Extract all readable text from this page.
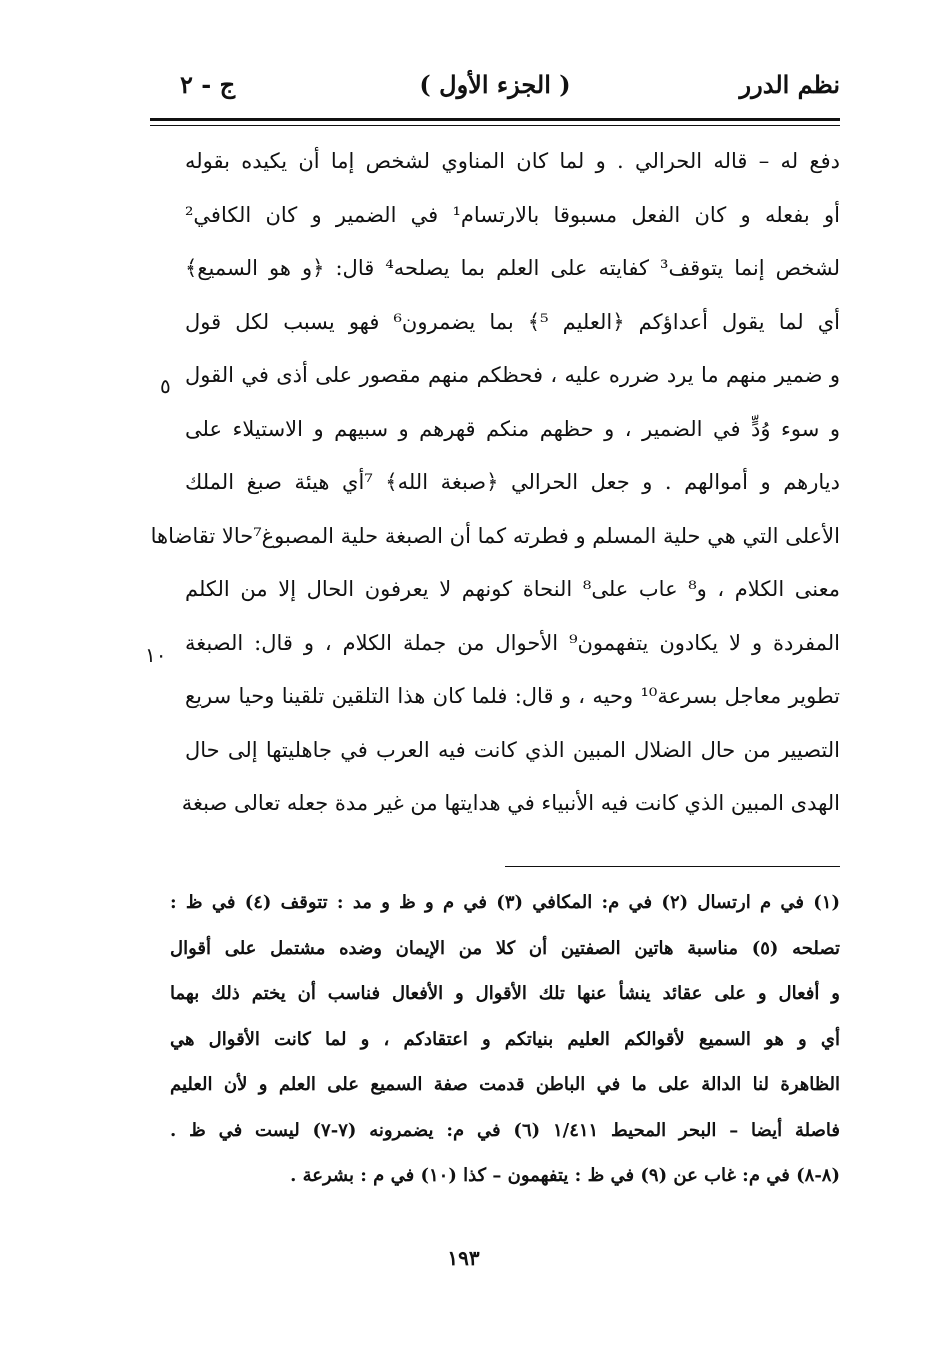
نظم الدرر
( الجزء الأول )
ج - ٢
دفع له – قاله الحرالي . و لما كان المناوي لشخص إما أن يكيده بقوله
أو بفعله و كان الفعل مسبوقا بالارتسام¹ في الضمير و كان الكافي²
لشخص إنما يتوقف³ كفايته على العلم بما يصلحه⁴ قال: ﴿و هو السميع﴾
أي لما يقول أعداؤكم ﴿العليم ⁵﴾ بما يضمرون⁶ فهو يسبب لكل قول
و ضمير منهم ما يرد ضرره عليه ، فحظكم منهم مقصور على أذى في القول
و سوء وُدٍّ في الضمير ، و حظهم منكم قهرهم و سبيهم و الاستيلاء على
ديارهم و أموالهم . و جعل الحرالي ﴿صبغة الله﴾ ⁷أي هيئة صبغ الملك
الأعلى التي هي حلية المسلم و فطرته كما أن الصبغة حلية المصبوغ⁷حالا تقاضاها
معنى الكلام ، و⁸ عاب على⁸ النحاة كونهم لا يعرفون الحال إلا من الكلم
المفردة و لا يكادون يتفهمون⁹ الأحوال من جملة الكلام ، و قال: الصبغة
تطوير معاجل بسرعة¹⁰ وحيه ، و قال: فلما كان هذا التلقين تلقينا وحيا سريع
التصيير من حال الضلال المبين الذي كانت فيه العرب في جاهليتها إلى حال
الهدى المبين الذي كانت فيه الأنبياء في هدايتها من غير مدة جعله تعالى صبغة
٥
١٠
(١) في م ارتسال (٢) في م: المكافي (٣) في م و ظ و مد : تتوقف (٤) في ظ :
تصلحه (٥) مناسبة هاتين الصفتين أن كلا من الإيمان وضده مشتمل على أقوال
و أفعال و على عقائد ينشأ عنها تلك الأقوال و الأفعال فناسب أن يختم ذلك بهما
أي و هو السميع لأقوالكم العليم بنياتكم و اعتقادكم ، و لما كانت الأقوال هي
الظاهرة لنا الدالة على ما في الباطن قدمت صفة السميع على العلم و لأن العليم
فاصلة أيضا – البحر المحيط ١/٤١١ (٦) في م: يضمرونه (٧-٧) ليست في ظ .
(٨-٨) في م: غاب عن (٩) في ظ : يتفهمون – كذا (١٠) في م : بشرعة .
١٩٣
